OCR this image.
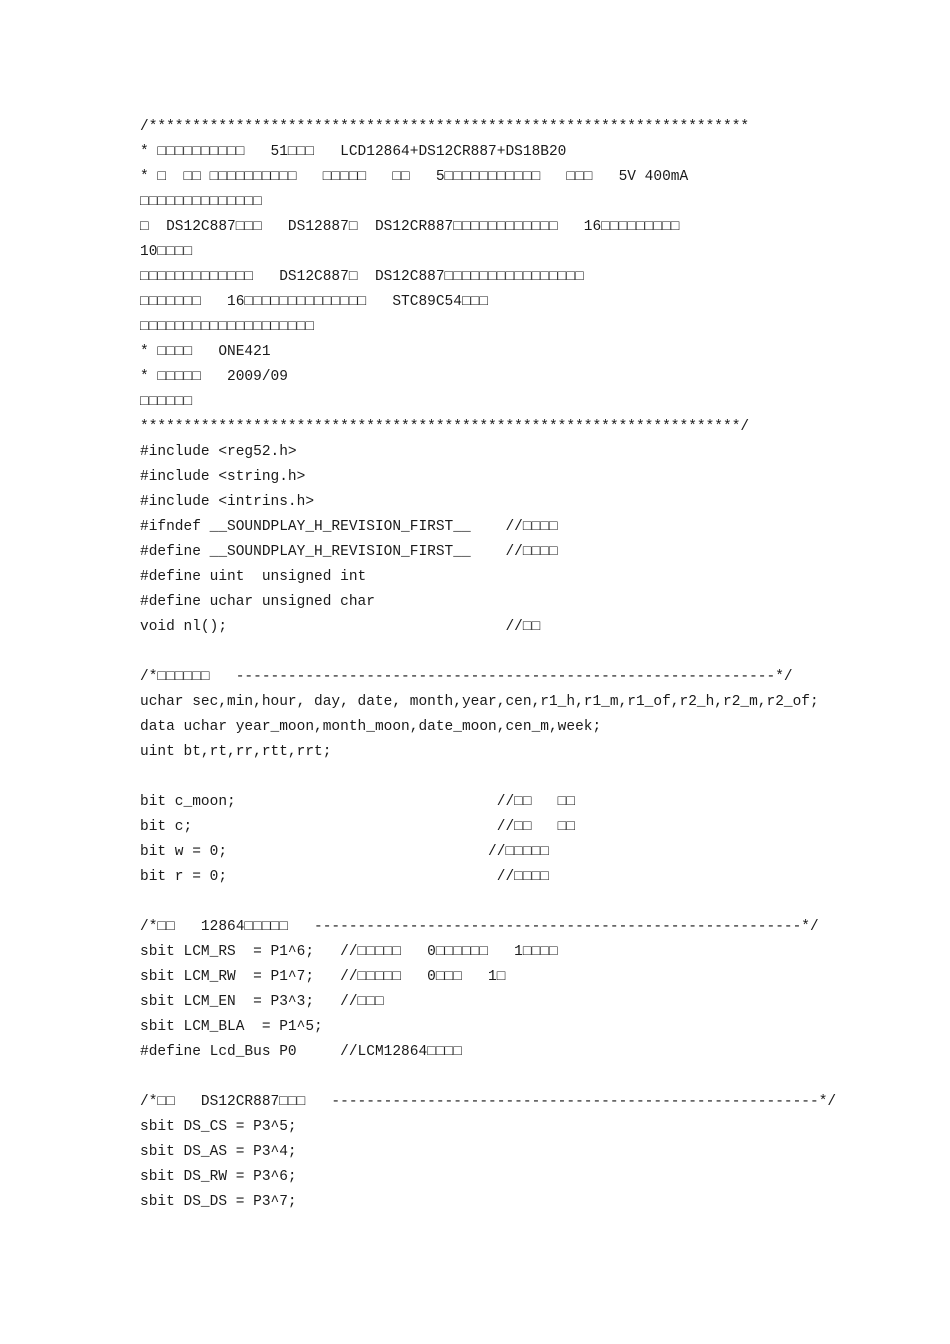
/*********************************************************************
* □□□□□□□□□□   51□□□   LCD12864+DS12CR887+DS18B20
* □  □□ □□□□□□□□□□   □□□□□   □□   5□□□□□□□□□□□   □□□   5V 400mA
□□□□□□□□□□□□□□
□  DS12C887□□□   DS12887□  DS12CR887□□□□□□□□□□□□   16□□□□□□□□□
10□□□□
□□□□□□□□□□□□□   DS12C887□  DS12C887□□□□□□□□□□□□□□□□
□□□□□□□   16□□□□□□□□□□□□□□   STC89C54□□□
□□□□□□□□□□□□□□□□□□□□
* □□□□   ONE421
* □□□□□   2009/09
□□□□□□
*********************************************************************/
#include <reg52.h>
#include <string.h>
#include <intrins.h>
#ifndef __SOUNDPLAY_H_REVISION_FIRST__    //□□□□
#define __SOUNDPLAY_H_REVISION_FIRST__    //□□□□
#define uint  unsigned int
#define uchar unsigned char
void nl();                                //□□
/*□□□□□□   --------------------------------------------------------------*/
uchar sec,min,hour, day, date, month,year,cen,r1_h,r1_m,r1_of,r2_h,r2_m,r2_of;
data uchar year_moon,month_moon,date_moon,cen_m,week;
uint bt,rt,rr,rtt,rrt;
bit c_moon;                              //□□   □□
bit c;                                   //□□   □□
bit w = 0;                              //□□□□□
bit r = 0;                               //□□□□
/*□□   12864□□□□□   --------------------------------------------------------*/
sbit LCM_RS  = P1^6;   //□□□□□   0□□□□□□   1□□□□
sbit LCM_RW  = P1^7;   //□□□□□   0□□□   1□
sbit LCM_EN  = P3^3;   //□□□
sbit LCM_BLA  = P1^5;
#define Lcd_Bus P0     //LCM12864□□□□
/*□□   DS12CR887□□□   --------------------------------------------------------*/
sbit DS_CS = P3^5;
sbit DS_AS = P3^4;
sbit DS_RW = P3^6;
sbit DS_DS = P3^7;
